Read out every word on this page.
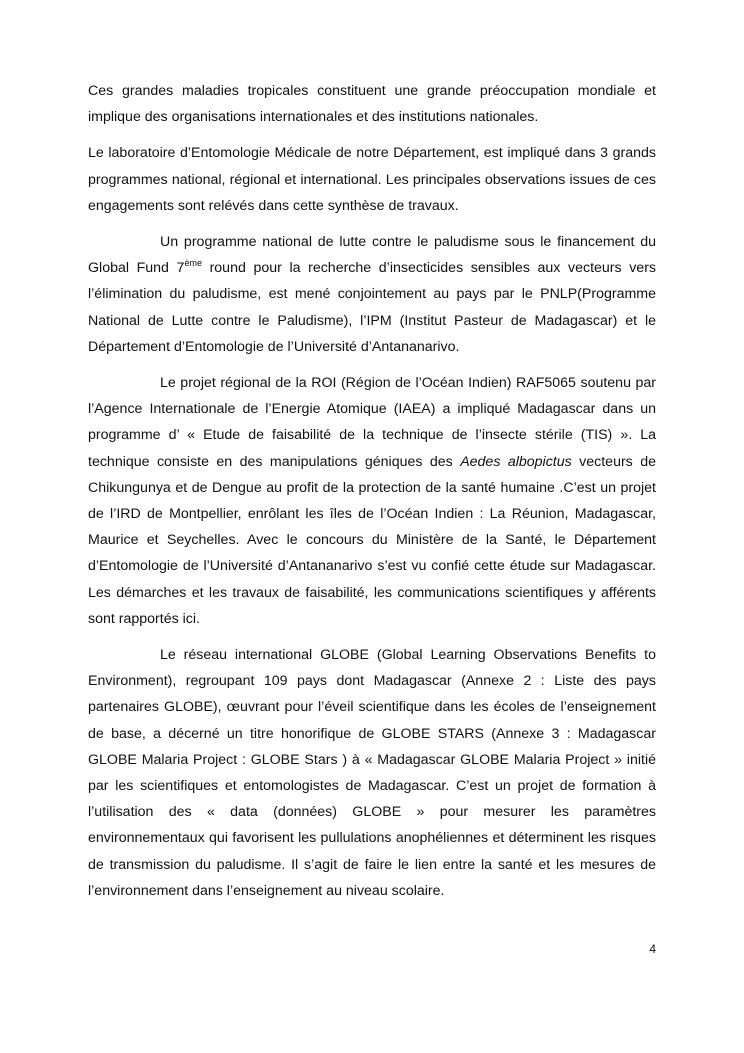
Ces grandes maladies tropicales constituent une grande préoccupation mondiale et implique des organisations internationales et des institutions nationales.

Le laboratoire d’Entomologie Médicale de notre Département, est impliqué dans 3 grands programmes national, régional et international. Les principales observations issues de ces engagements sont relévés dans cette synthèse de travaux.

Un programme national de lutte contre le paludisme sous le financement du Global Fund 7ème round pour la recherche d’insecticides sensibles aux vecteurs vers l’élimination du paludisme, est mené conjointement au pays par le PNLP(Programme National de Lutte contre le Paludisme), l’IPM (Institut Pasteur de Madagascar) et le Département d’Entomologie de l’Université d’Antananarivo.

Le projet régional de la ROI (Région de l’Océan Indien) RAF5065 soutenu par l’Agence Internationale de l’Energie Atomique (IAEA) a impliqué Madagascar dans un programme d’ « Etude de faisabilité de la technique de l’insecte stérile (TIS) ». La technique consiste en des manipulations géniques des Aedes albopictus vecteurs de Chikungunya et de Dengue au profit de la protection de la santé humaine .C’est un projet de l’IRD de Montpellier, enrôlant les îles de l’Océan Indien : La Réunion, Madagascar, Maurice et Seychelles. Avec le concours du Ministère de la Santé, le Département d’Entomologie de l’Université d’Antananarivo s’est vu confié cette étude sur Madagascar. Les démarches et les travaux de faisabilité, les communications scientifiques y afférents sont rapportés ici.

Le réseau international GLOBE (Global Learning Observations Benefits to Environment), regroupant 109 pays dont Madagascar (Annexe 2 : Liste des pays partenaires GLOBE), œuvrant pour l’éveil scientifique dans les écoles de l’enseignement de base, a décerné un titre honorifique de GLOBE STARS (Annexe 3 : Madagascar GLOBE Malaria Project : GLOBE Stars ) à « Madagascar GLOBE Malaria Project » initié par les scientifiques et entomologistes de Madagascar. C’est un projet de formation à l’utilisation des « data (données) GLOBE » pour mesurer les paramètres environnementaux qui favorisent les pullulations anophéliennes et déterminent les risques de transmission du paludisme. Il s’agit de faire le lien entre la santé et les mesures de l’environnement dans l’enseignement au niveau scolaire.

4
